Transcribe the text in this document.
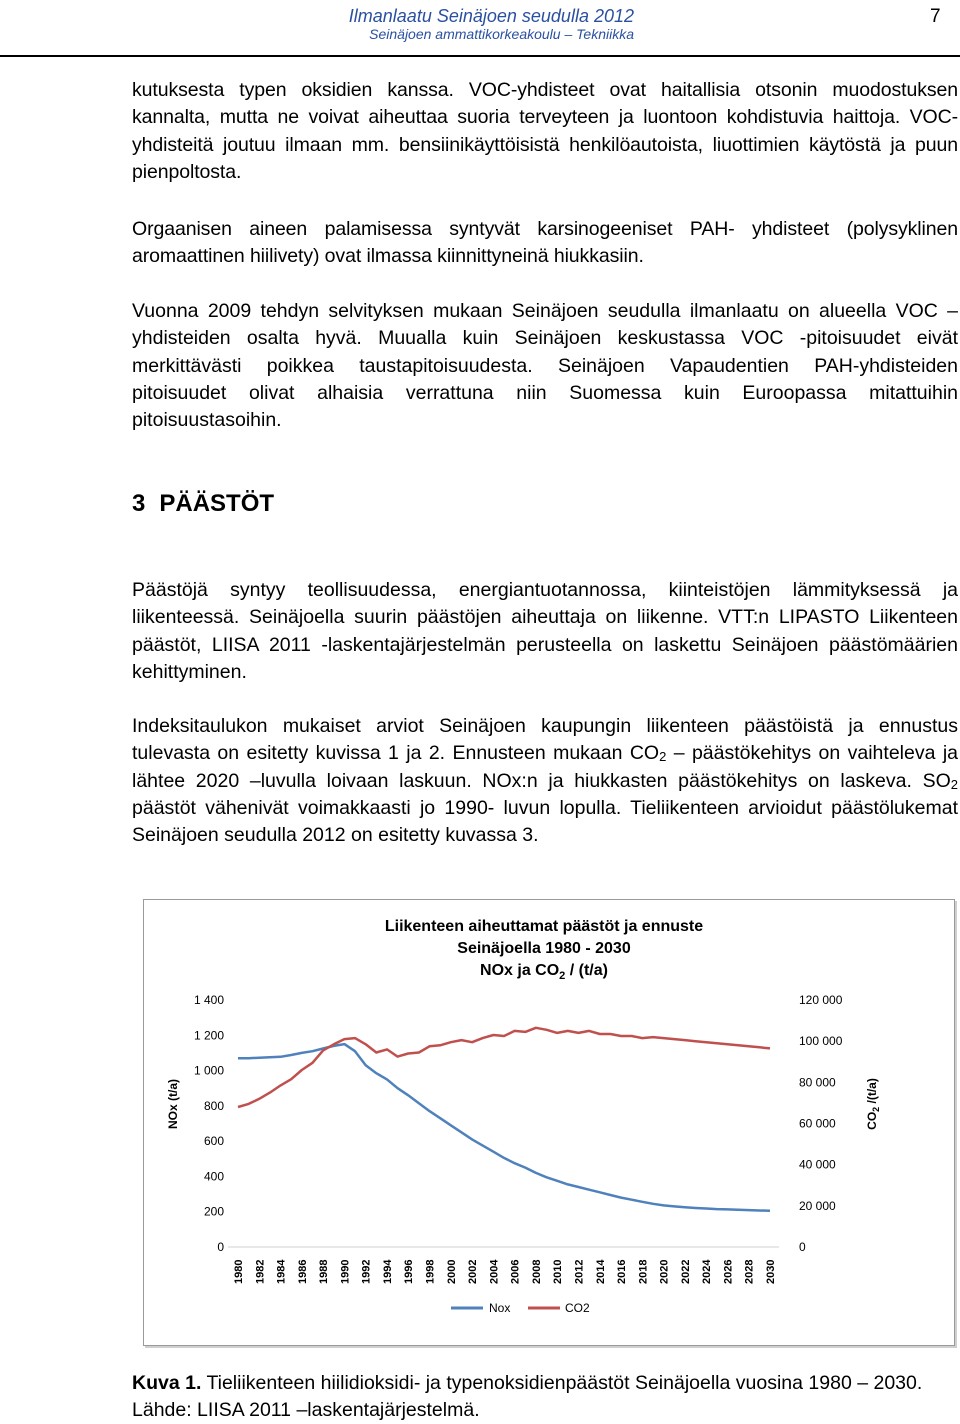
Ilmanlaatu Seinäjoen seudulla 2012
Seinäjoen ammattikorkeakoulu – Tekniikka
7
kutuksesta typen oksidien kanssa. VOC-yhdisteet ovat haitallisia otsonin muodostuksen kannalta, mutta ne voivat aiheuttaa suoria terveyteen ja luontoon kohdistuvia haittoja. VOC-yhdisteitä joutuu ilmaan mm. bensiinikäyttöisistä henkilöautoista, liuottimien käytöstä ja puun pienpoltosta.
Orgaanisen aineen palamisessa syntyvät karsinogeeniset PAH- yhdisteet (polysyklinen aromaattinen hiilivety) ovat ilmassa kiinnittyneinä hiukkasiin.
Vuonna 2009 tehdyn selvityksen mukaan Seinäjoen seudulla ilmanlaatu on alueella VOC –yhdisteiden osalta hyvä. Muualla kuin Seinäjoen keskustassa VOC -pitoisuudet eivät merkittävästi poikkea taustapitoisuudesta. Seinäjoen Vapaudentien PAH-yhdisteiden pitoisuudet olivat alhaisia verrattuna niin Suomessa kuin Euroopassa mitattuihin pitoisuustasoihin.
3 PÄÄSTÖT
Päästöjä syntyy teollisuudessa, energiantuotannossa, kiinteistöjen lämmityksessä ja liikenteessä. Seinäjoella suurin päästöjen aiheuttaja on liikenne. VTT:n LIPASTO Liikenteen päästöt, LIISA 2011 -laskentajärjestelmän perusteella on laskettu Seinäjoen päästömäärien kehittyminen.
Indeksitaulukon mukaiset arviot Seinäjoen kaupungin liikenteen päästöistä ja ennustus tulevasta on esitetty kuvissa 1 ja 2. Ennusteen mukaan $CO_2$ – päästökehitys on vaihteleva ja lähtee 2020 –luvulla loivaan laskuun. NOx:n ja hiukkasten päästökehitys on laskeva. $SO_2$ päästöt vähenivät voimakkaasti jo 1990- luvun lopulla. Tieliikenteen arvioidut päästölukemat Seinäjoen seudulla 2012 on esitetty kuvassa 3.
Liikenteen aiheuttamat päästöt ja ennuste
Seinäjoella 1980 - 2030
NOx ja $CO_2 / (t/a)$
NOx (t/a)	$CO_2$ /(t/a)
0
200
400
600
800
1 000
1 200
1 400
0
20 000
40 000
60 000
80 000
100 000
120 000
1980 1982 1984 1986 1988 1990 1992 1994 1996 1998 2000 2002 2004 2006 2008 2010 2012 2014 2016 2018 2020 2022 2024 2026 2028 2030
Nox	CO2
Kuva 1. Tieliikenteen hiilidioksidi- ja typenoksidienpäästöt Seinäjoella vuosina 1980 – 2030. Lähde: LIISA 2011 –laskentajärjestelmä.
